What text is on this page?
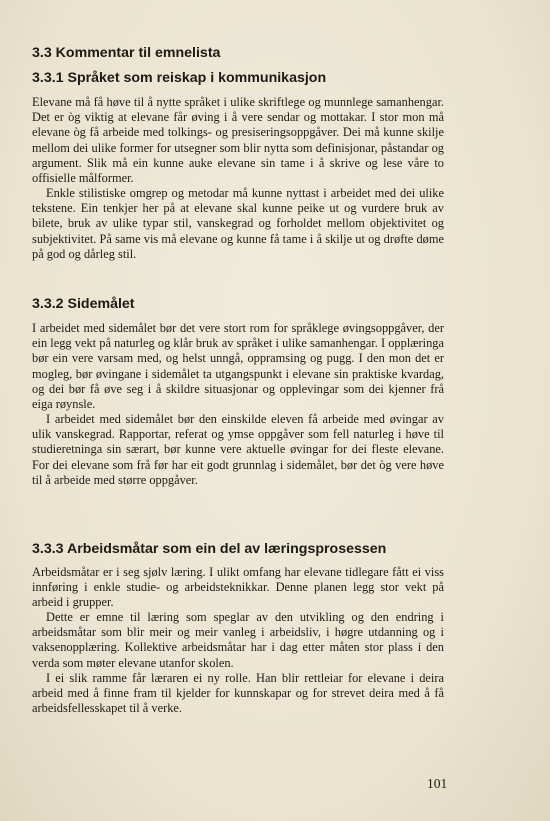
3.3 Kommentar til emnelista
3.3.1 Språket som reiskap i kommunikasjon

Elevane må få høve til å nytte språket i ulike skriftlege og munnlege samanhengar. Det er òg viktig at elevane får øving i å vere sendar og mottakar. I stor mon må elevane òg få arbeide med tolkings- og presiseringsoppgåver. Dei må kunne skilje mellom dei ulike former for utsegner som blir nytta som definisjonar, påstandar og argument. Slik må ein kunne auke elevane sin tame i å skrive og lese våre to offisielle målformer.

Enkle stilistiske omgrep og metodar må kunne nyttast i arbeidet med dei ulike tekstene. Ein tenkjer her på at elevane skal kunne peike ut og vurdere bruk av bilete, bruk av ulike typar stil, vanskegrad og forholdet mellom objektivitet og subjektivitet. På same vis må elevane og kunne få tame i å skilje ut og drøfte døme på god og dårleg stil.

3.3.2 Sidemålet

I arbeidet med sidemålet bør det vere stort rom for språklege øvingsoppgåver, der ein legg vekt på naturleg og klår bruk av språket i ulike samanhengar. I opplæringa bør ein vere varsam med, og helst unngå, oppramsing og pugg. I den mon det er mogleg, bør øvingane i sidemålet ta utgangspunkt i elevane sin praktiske kvardag, og dei bør få øve seg i å skildre situasjonar og opplevingar som dei kjenner frå eiga røynsle.

I arbeidet med sidemålet bør den einskilde eleven få arbeide med øvingar av ulik vanskegrad. Rapportar, referat og ymse oppgåver som fell naturleg i høve til studieretninga sin særart, bør kunne vere aktuelle øvingar for dei fleste elevane. For dei elevane som frå før har eit godt grunnlag i sidemålet, bør det òg vere høve til å arbeide med større oppgåver.

3.3.3 Arbeidsmåtar som ein del av læringsprosessen

Arbeidsmåtar er i seg sjølv læring. I ulikt omfang har elevane tidlegare fått ei viss innføring i enkle studie- og arbeidsteknikkar. Denne planen legg stor vekt på arbeid i grupper.

Dette er emne til læring som speglar av den utvikling og den endring i arbeidsmåtar som blir meir og meir vanleg i arbeidsliv, i høgre utdanning og i vaksenopplæring. Kollektive arbeidsmåtar har i dag etter måten stor plass i den verda som møter elevane utanfor skolen.

I ei slik ramme får læraren ei ny rolle. Han blir rettleiar for elevane i deira arbeid med å finne fram til kjelder for kunnskapar og for strevet deira med å få arbeidsfellesskapet til å verke.

101
